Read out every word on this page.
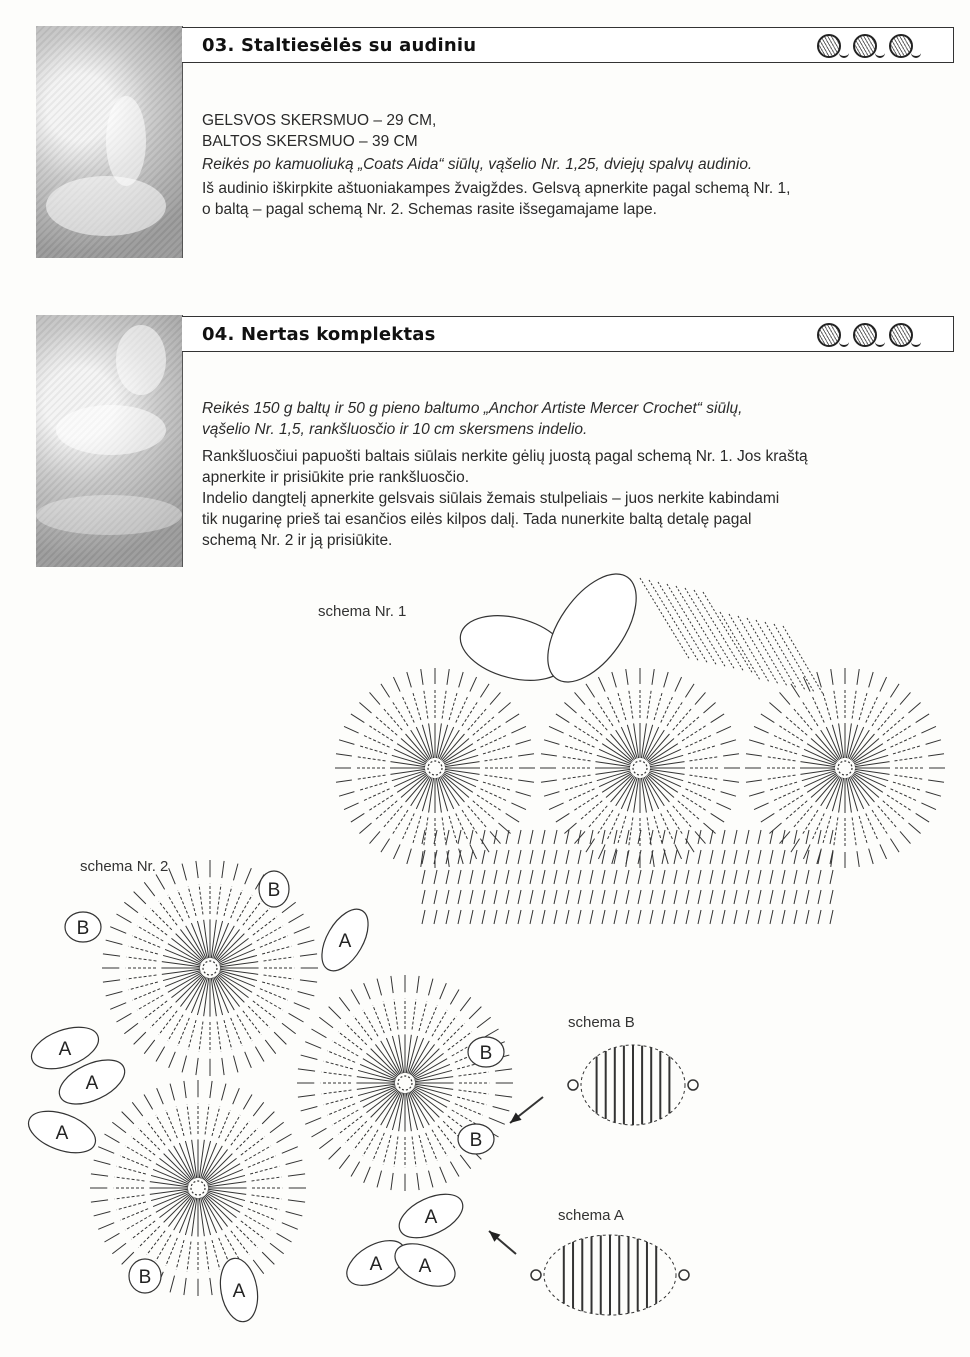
03. Staltiesėlės su audiniu

GELSVOS SKERSMUO – 29 CM,

BALTOS SKERSMUO – 39 CM

Reikės po kamuoliuką „Coats Aida“ siūlų, vąšelio Nr. 1,25, dviejų spalvų audinio.

Iš audinio iškirpkite aštuoniakampes žvaigždes. Gelsvą apnerkite pagal schemą Nr. 1,

o baltą – pagal schemą Nr. 2. Schemas rasite išsegamajame lape.

04. Nertas komplektas

Reikės 150 g baltų ir 50 g pieno baltumo „Anchor Artiste Mercer Crochet“ siūlų,

vąšelio Nr. 1,5, rankšluosčio ir 10 cm skersmens indelio.

Rankšluosčiui papuošti baltais siūlais nerkite gėlių juostą pagal schemą Nr. 1. Jos kraštą

apnerkite ir prisiūkite prie rankšluosčio.

Indelio dangtelį apnerkite gelsvais siūlais žemais stulpeliais – juos nerkite kabindami

tik nugarinę prieš tai esančios eilės kilpos dalį. Tada nunerkite baltą detalę pagal

schemą Nr. 2 ir ją prisiūkite.

schema Nr. 1
schema Nr. 2
schema B
schema A
B
B
A
A
A
A
B
B
B
A
A
A A
